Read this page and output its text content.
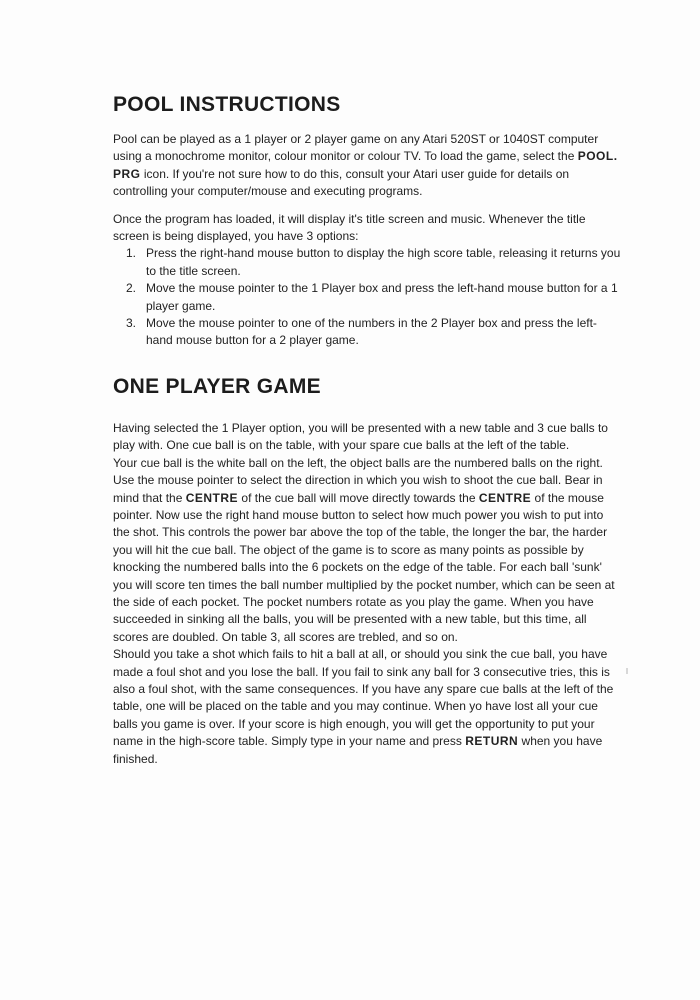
POOL INSTRUCTIONS

Pool can be played as a 1 player or 2 player game on any Atari 520ST or 1040ST computer using a monochrome monitor, colour monitor or colour TV. To load the game, select the POOL. PRG icon. If you're not sure how to do this, consult your Atari user guide for details on controlling your computer/mouse and executing programs.

Once the program has loaded, it will display it's title screen and music. Whenever the title screen is being displayed, you have 3 options:

1. Press the right-hand mouse button to display the high score table, releasing it returns you to the title screen.
2. Move the mouse pointer to the 1 Player box and press the left-hand mouse button for a 1 player game.
3. Move the mouse pointer to one of the numbers in the 2 Player box and press the left-hand mouse button for a 2 player game.
ONE PLAYER GAME

Having selected the 1 Player option, you will be presented with a new table and 3 cue balls to play with. One cue ball is on the table, with your spare cue balls at the left of the table.

Your cue ball is the white ball on the left, the object balls are the numbered balls on the right. Use the mouse pointer to select the direction in which you wish to shoot the cue ball. Bear in mind that the CENTRE of the cue ball will move directly towards the CENTRE of the mouse pointer. Now use the right hand mouse button to select how much power you wish to put into the shot. This controls the power bar above the top of the table, the longer the bar, the harder you will hit the cue ball. The object of the game is to score as many points as possible by knocking the numbered balls into the 6 pockets on the edge of the table. For each ball 'sunk' you will score ten times the ball number multiplied by the pocket number, which can be seen at the side of each pocket. The pocket numbers rotate as you play the game. When you have succeeded in sinking all the balls, you will be presented with a new table, but this time, all scores are doubled. On table 3, all scores are trebled, and so on.

Should you take a shot which fails to hit a ball at all, or should you sink the cue ball, you have made a foul shot and you lose the ball. If you fail to sink any ball for 3 consecutive tries, this is also a foul shot, with the same consequences. If you have any spare cue balls at the left of the table, one will be placed on the table and you may continue. When yo have lost all your cue balls you game is over. If your score is high enough, you will get the opportunity to put your name in the high-score table. Simply type in your name and press RETURN when you have finished.
